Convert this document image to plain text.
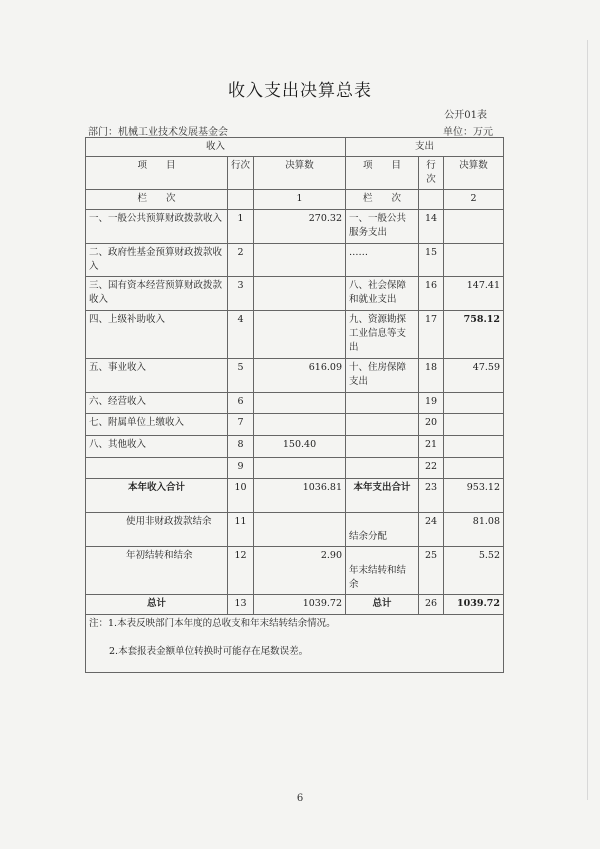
收入支出决算总表
公开01表
部门：机械工业技术发展基金会	单位：万元
收入			支出		
项　　目	行次	决算数	项　　目	行次	决算数
栏　　次		1	栏　　次		2
一、一般公共预算财政拨款收入	1	270.32	一、一般公共服务支出	14	
二、政府性基金预算财政拨款收入	2		……	15	
三、国有资本经营预算财政拨款收入	3		八、社会保障和就业支出	16	147.41
四、上级补助收入	4		九、资源勘探工业信息等支出	17	758.12
五、事业收入	5	616.09	十、住房保障支出	18	47.59
六、经营收入	6			19	
七、附属单位上缴收入	7			20	
八、其他收入	8	150.40		21	
	9			22	
本年收入合计	10	1036.81	本年支出合计	23	953.12
使用非财政拨款结余	11		结余分配	24	81.08
年初结转和结余	12	2.90	年末结转和结余	25	5.52
总计	13	1039.72	总计	26	1039.72

注：1.本表反映部门本年度的总收支和年末结转结余情况。
2.本套报表金额单位转换时可能存在尾数误差。					
6
